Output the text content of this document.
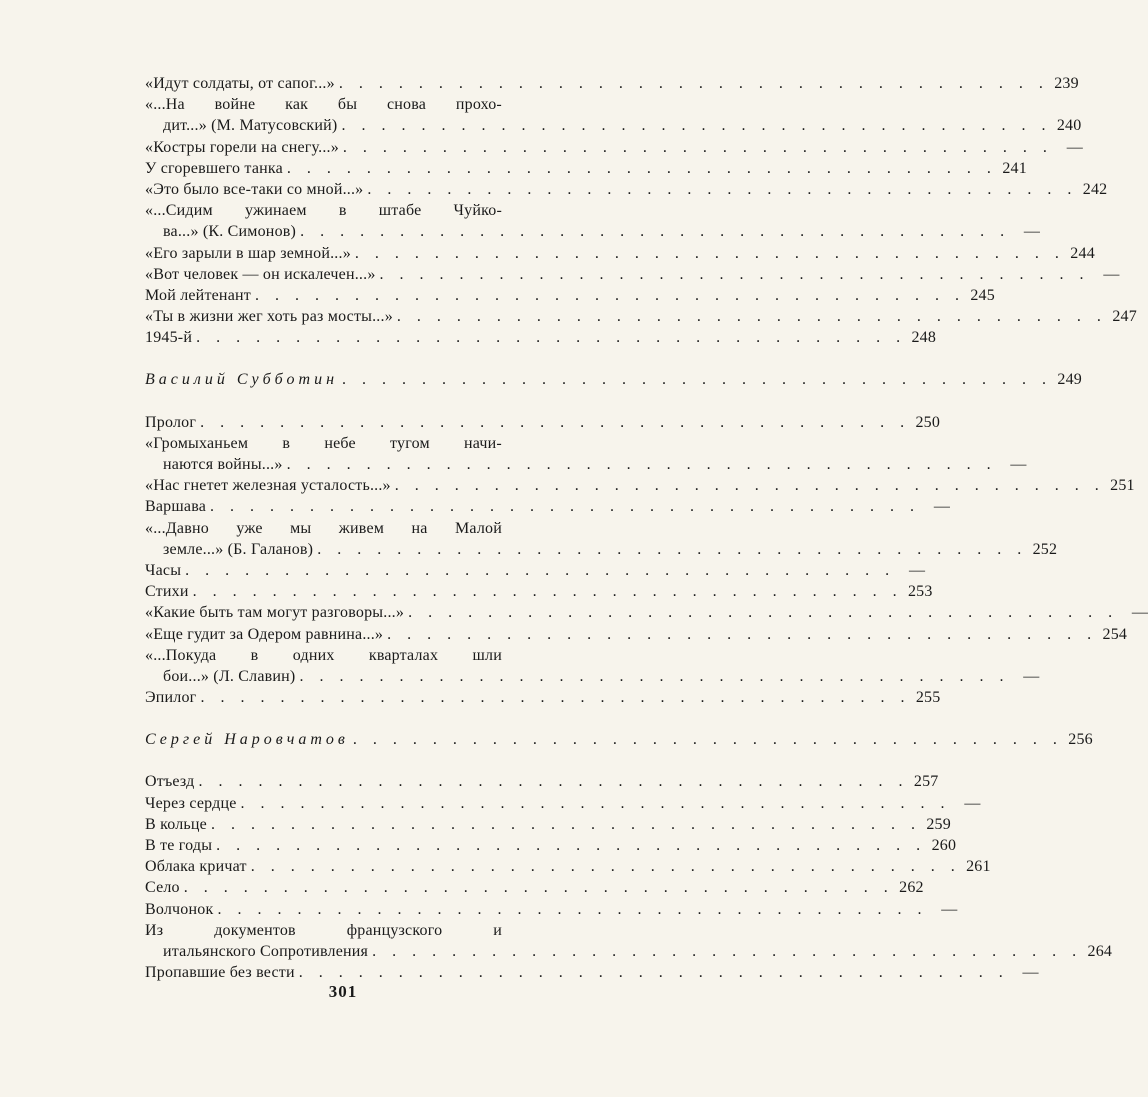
«Идут солдаты, от сапог...» . . . . . . . . . . . . . . . . . . . . . . . . . . . . . . . . . . . . 239
«...На войне как бы снова прохо-
дит...» (М. Матусовский) . . . . . . . . . . . . . . . . . . . . . . . . . . . . . . . . . . . . 240
«Костры горели на снегу...» . . . . . . . . . . . . . . . . . . . . . . . . . . . . . . . . . . . . —
У сгоревшего танка . . . . . . . . . . . . . . . . . . . . . . . . . . . . . . . . . . . . 241
«Это было все-таки со мной...» . . . . . . . . . . . . . . . . . . . . . . . . . . . . . . . . . . . . 242
«...Сидим ужинаем в штабе Чуйко-
ва...» (К. Симонов) . . . . . . . . . . . . . . . . . . . . . . . . . . . . . . . . . . . . —
«Его зарыли в шар земной...» . . . . . . . . . . . . . . . . . . . . . . . . . . . . . . . . . . . . 244
«Вот человек — он искалечен...» . . . . . . . . . . . . . . . . . . . . . . . . . . . . . . . . . . . . —
Мой лейтенант . . . . . . . . . . . . . . . . . . . . . . . . . . . . . . . . . . . . 245
«Ты в жизни жег хоть раз мосты...» . . . . . . . . . . . . . . . . . . . . . . . . . . . . . . . . . . . . 247
1945-й . . . . . . . . . . . . . . . . . . . . . . . . . . . . . . . . . . . . 248
Василий Субботин . . . . . . . . . . . . . . . . . . . . . . . . . . . . . . . . . . . . 249
Пролог . . . . . . . . . . . . . . . . . . . . . . . . . . . . . . . . . . . . 250
«Громыханьем в небе тугом начи-
наются войны...» . . . . . . . . . . . . . . . . . . . . . . . . . . . . . . . . . . . . —
«Нас гнетет железная усталость...» . . . . . . . . . . . . . . . . . . . . . . . . . . . . . . . . . . . . 251
Варшава . . . . . . . . . . . . . . . . . . . . . . . . . . . . . . . . . . . . —
«...Давно уже мы живем на Малой
земле...» (Б. Галанов) . . . . . . . . . . . . . . . . . . . . . . . . . . . . . . . . . . . . 252
Часы . . . . . . . . . . . . . . . . . . . . . . . . . . . . . . . . . . . . —
Стихи . . . . . . . . . . . . . . . . . . . . . . . . . . . . . . . . . . . . 253
«Какие быть там могут разговоры...» . . . . . . . . . . . . . . . . . . . . . . . . . . . . . . . . . . . . —
«Еще гудит за Одером равнина...» . . . . . . . . . . . . . . . . . . . . . . . . . . . . . . . . . . . . 254
«...Покуда в одних кварталах шли
бои...» (Л. Славин) . . . . . . . . . . . . . . . . . . . . . . . . . . . . . . . . . . . . —
Эпилог . . . . . . . . . . . . . . . . . . . . . . . . . . . . . . . . . . . . 255
Сергей Наровчатов . . . . . . . . . . . . . . . . . . . . . . . . . . . . . . . . . . . . 256
Отъезд . . . . . . . . . . . . . . . . . . . . . . . . . . . . . . . . . . . . 257
Через сердце . . . . . . . . . . . . . . . . . . . . . . . . . . . . . . . . . . . . —
В кольце . . . . . . . . . . . . . . . . . . . . . . . . . . . . . . . . . . . . 259
В те годы . . . . . . . . . . . . . . . . . . . . . . . . . . . . . . . . . . . . 260
Облака кричат . . . . . . . . . . . . . . . . . . . . . . . . . . . . . . . . . . . . 261
Село . . . . . . . . . . . . . . . . . . . . . . . . . . . . . . . . . . . . 262
Волчонок . . . . . . . . . . . . . . . . . . . . . . . . . . . . . . . . . . . . —
Из	документов	французского	и
итальянского Сопротивления . . . . . . . . . . . . . . . . . . . . . . . . . . . . . . . . . . . . 264
Пропавшие без вести . . . . . . . . . . . . . . . . . . . . . . . . . . . . . . . . . . . . —
301
